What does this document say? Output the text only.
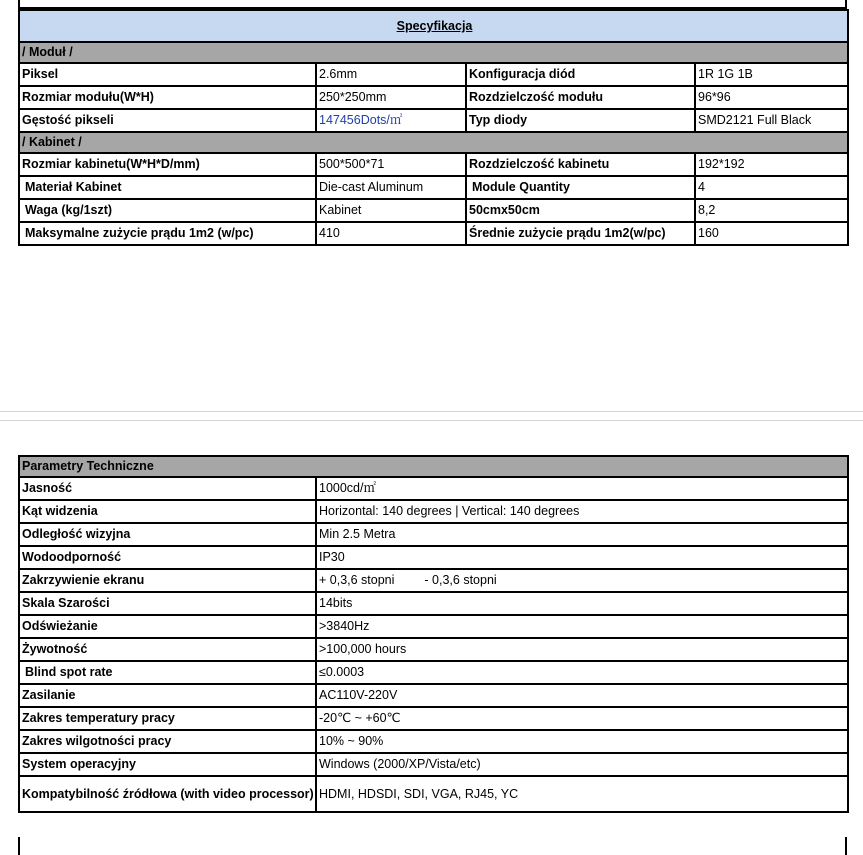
Specyfikacja			
/ Moduł /			
Piksel	2.6mm	Konfiguracja diód	1R 1G 1B
Rozmiar modułu(W*H)	250*250mm	Rozdzielczość modułu	96*96
Gęstość pikseli	147456Dots/㎡	Typ diody	SMD2121 Full Black
/ Kabinet /			
Rozmiar kabinetu(W*H*D/mm)	500*500*71	Rozdzielczość kabinetu	192*192
Materiał Kabinet	Die-cast Aluminum	Module Quantity	4
Waga (kg/1szt)	Kabinet	50cmx50cm	8,2
Maksymalne zużycie prądu 1m2 (w/pc)	410	Średnie zużycie prądu 1m2(w/pc)	160
Parametry Techniczne	
Jasność	1000cd/㎡
Kąt widzenia	Horizontal: 140 degrees | Vertical: 140 degrees
Odległość wizyjna	Min 2.5 Metra
Wodoodporność	IP30
Zakrzywienie ekranu	+ 0,3,6 stopni - 0,3,6 stopni
Skala Szarości	14bits
Odświeżanie	>3840Hz
Żywotność	>100,000 hours
Blind spot rate	≤0.0003
Zasilanie	AC110V-220V
Zakres temperatury pracy	-20℃ ~ +60℃
Zakres wilgotności pracy	10% ~ 90%
System operacyjny	Windows (2000/XP/Vista/etc)
Kompatybilność źródłowa (with video processor)	HDMI, HDSDI, SDI, VGA, RJ45, YC
